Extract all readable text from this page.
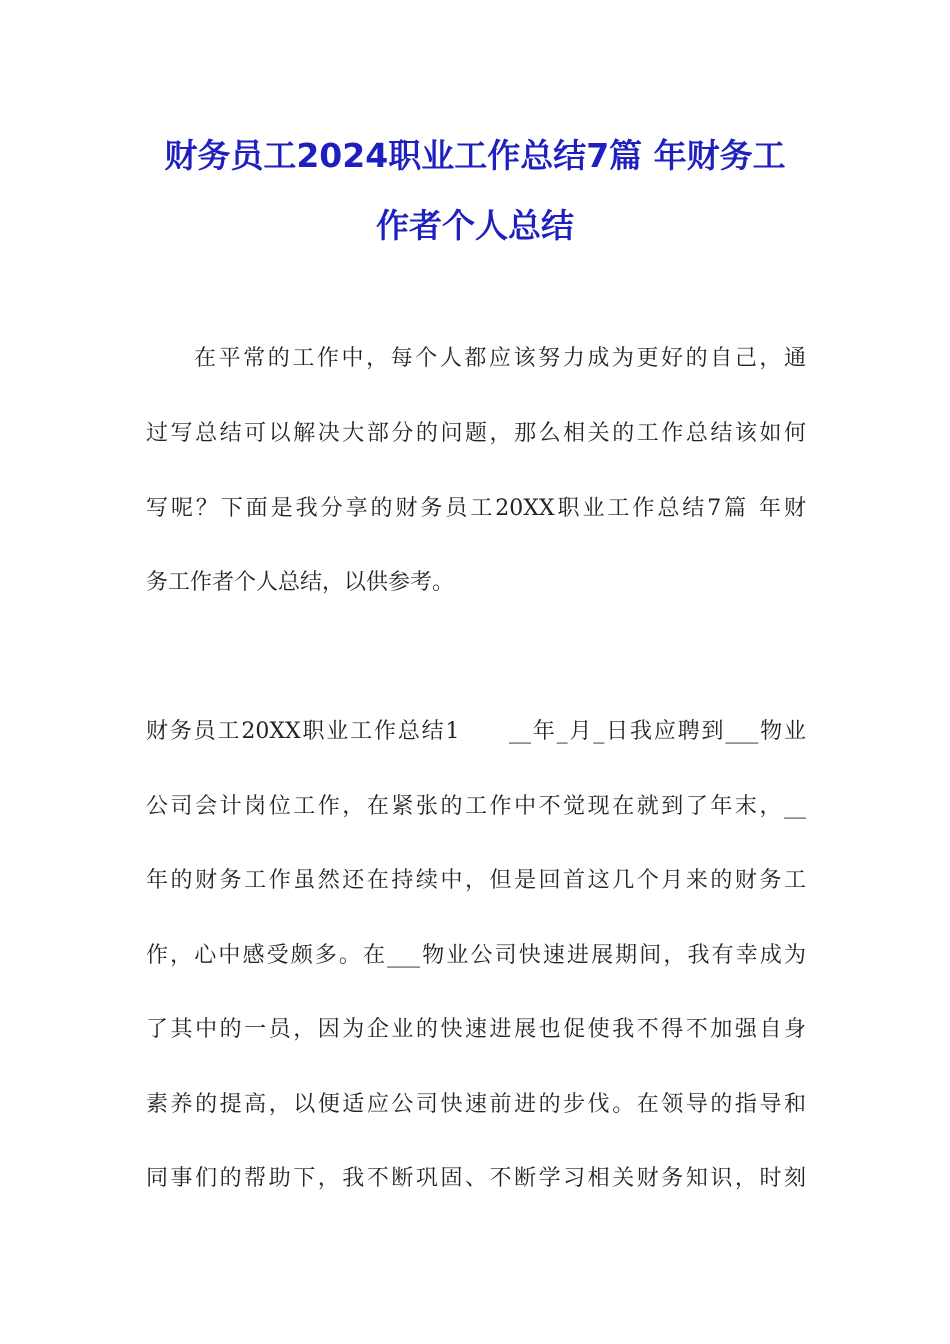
财务员工2024职业工作总结7篇 年财务工
作者个人总结
在平常的工作中，每个人都应该努力成为更好的自己，通
过写总结可以解决大部分的问题，那么相关的工作总结该如何
写呢？下面是我分享的财务员工20XX职业工作总结7篇 年财
务工作者个人总结，以供参考。
财务员工20XX职业工作总结1　　__年_月_日我应聘到___物业
公司会计岗位工作，在紧张的工作中不觉现在就到了年末，__
年的财务工作虽然还在持续中，但是回首这几个月来的财务工
作，心中感受颇多。在___物业公司快速进展期间，我有幸成为
了其中的一员，因为企业的快速进展也促使我不得不加强自身
素养的提高，以便适应公司快速前进的步伐。在领导的指导和
同事们的帮助下，我不断巩固、不断学习相关财务知识，时刻
